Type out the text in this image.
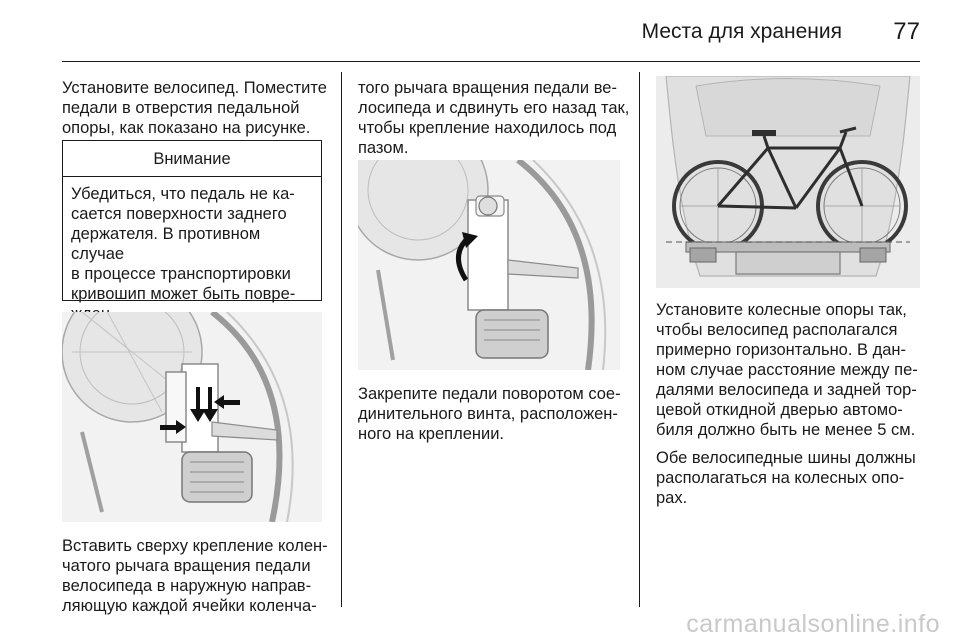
Места для хранения 77

Установите велосипед. Поместите

педали в отверстия педальной

опоры, как показано на рисунке.

Внимание

Убедиться, что педаль не ка-

сается поверхности заднего

держателя. В противном случае

в процессе транспортировки

кривошип может быть повре-

Вставить сверху крепление колен-

чатого рычага вращения педали

велосипеда в наружную направ-

ляющую каждой ячейки коленча-

того рычага вращения педали ве-

лосипеда и сдвинуть его назад так,

чтобы крепление находилось под

пазом.

Закрепите педали поворотом сое-

динительного винта, расположен-

ного на креплении.

Установите колесные опоры так,

чтобы велосипед располагался

примерно горизонтально. В дан-

ном случае расстояние между пе-

далями велосипеда и задней тор-

цевой откидной дверью автомо-

биля должно быть не менее 5 см.

Обе велосипедные шины должны

располагаться на колесных опо-

рах.

carmanualsonline.info
